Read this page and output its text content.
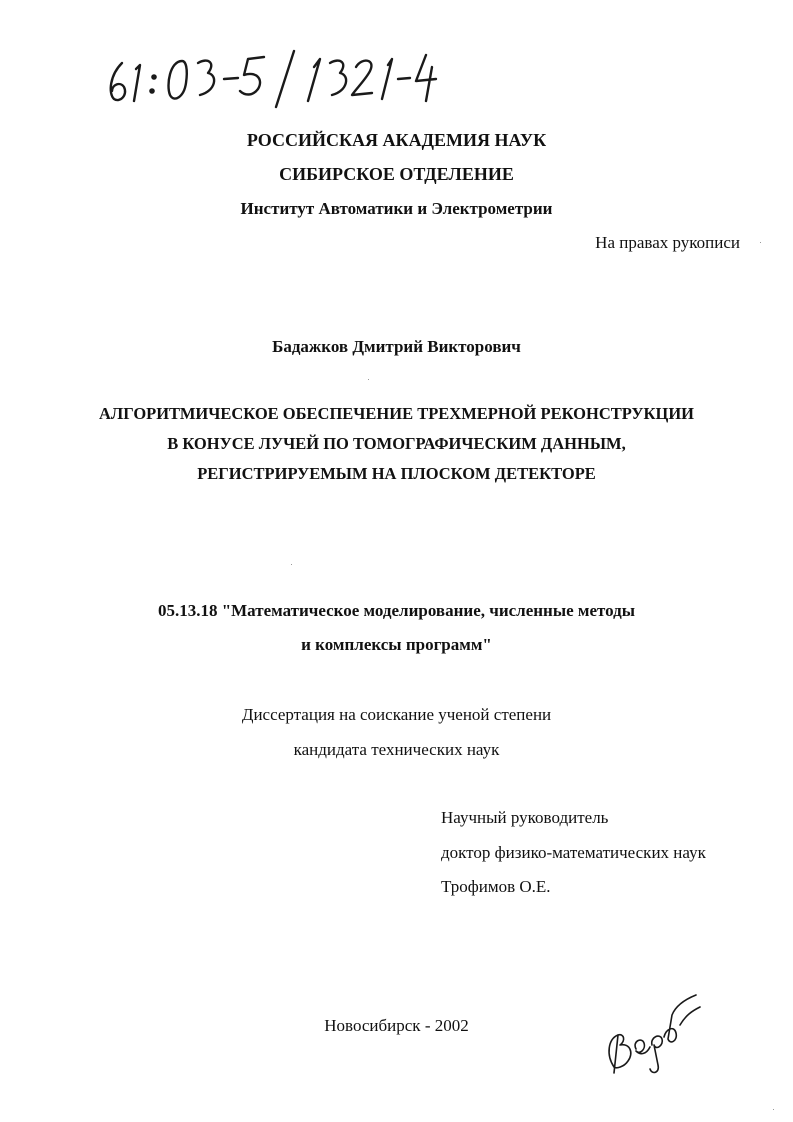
РОССИЙСКАЯ АКАДЕМИЯ НАУК
СИБИРСКОЕ ОТДЕЛЕНИЕ
Институт Автоматики и Электрометрии
На правах рукописи
Бадажков Дмитрий Викторович
АЛГОРИТМИЧЕСКОЕ ОБЕСПЕЧЕНИЕ ТРЕХМЕРНОЙ РЕКОНСТРУКЦИИ
В КОНУСЕ ЛУЧЕЙ ПО ТОМОГРАФИЧЕСКИМ ДАННЫМ,
РЕГИСТРИРУЕМЫМ НА ПЛОСКОМ ДЕТЕКТОРЕ
05.13.18 "Математическое моделирование, численные методы
и комплексы программ"
Диссертация на соискание ученой степени
кандидата технических наук
Научный руководитель
доктор физико-математических наук
Трофимов О.Е.
Новосибирск - 2002
